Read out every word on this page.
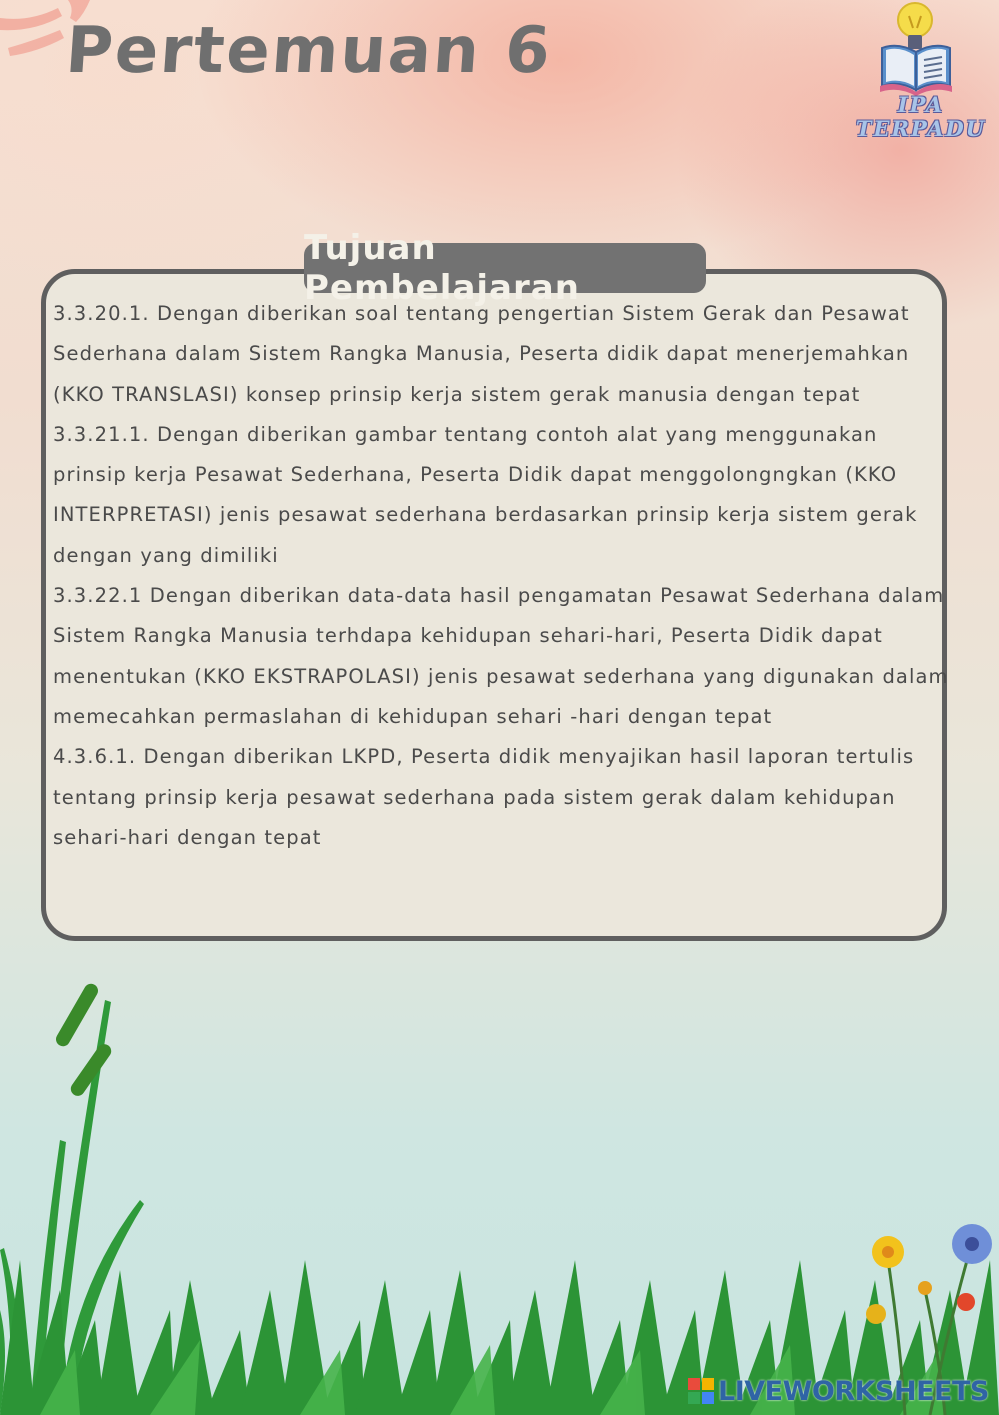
Pertemuan 6
IPA
TERPADU
Tujuan Pembelajaran

3.3.20.1. Dengan diberikan soal tentang pengertian Sistem Gerak dan Pesawat Sederhana dalam Sistem Rangka Manusia, Peserta didik dapat menerjemahkan (KKO TRANSLASI) konsep prinsip kerja sistem gerak manusia dengan tepat

3.3.21.1. Dengan diberikan gambar tentang contoh alat yang menggunakan prinsip kerja Pesawat Sederhana, Peserta Didik dapat menggolongngkan (KKO INTERPRETASI) jenis pesawat sederhana berdasarkan prinsip kerja sistem gerak dengan yang dimiliki

3.3.22.1 Dengan diberikan data-data hasil pengamatan Pesawat Sederhana dalam Sistem Rangka Manusia terhdapa kehidupan sehari-hari, Peserta Didik dapat menentukan (KKO EKSTRAPOLASI) jenis pesawat sederhana yang digunakan dalam memecahkan permaslahan di kehidupan sehari -hari dengan tepat

4.3.6.1. Dengan diberikan LKPD, Peserta didik menyajikan hasil laporan tertulis tentang prinsip kerja pesawat sederhana pada sistem gerak dalam kehidupan sehari-hari dengan tepat

LIVEWORKSHEETS
